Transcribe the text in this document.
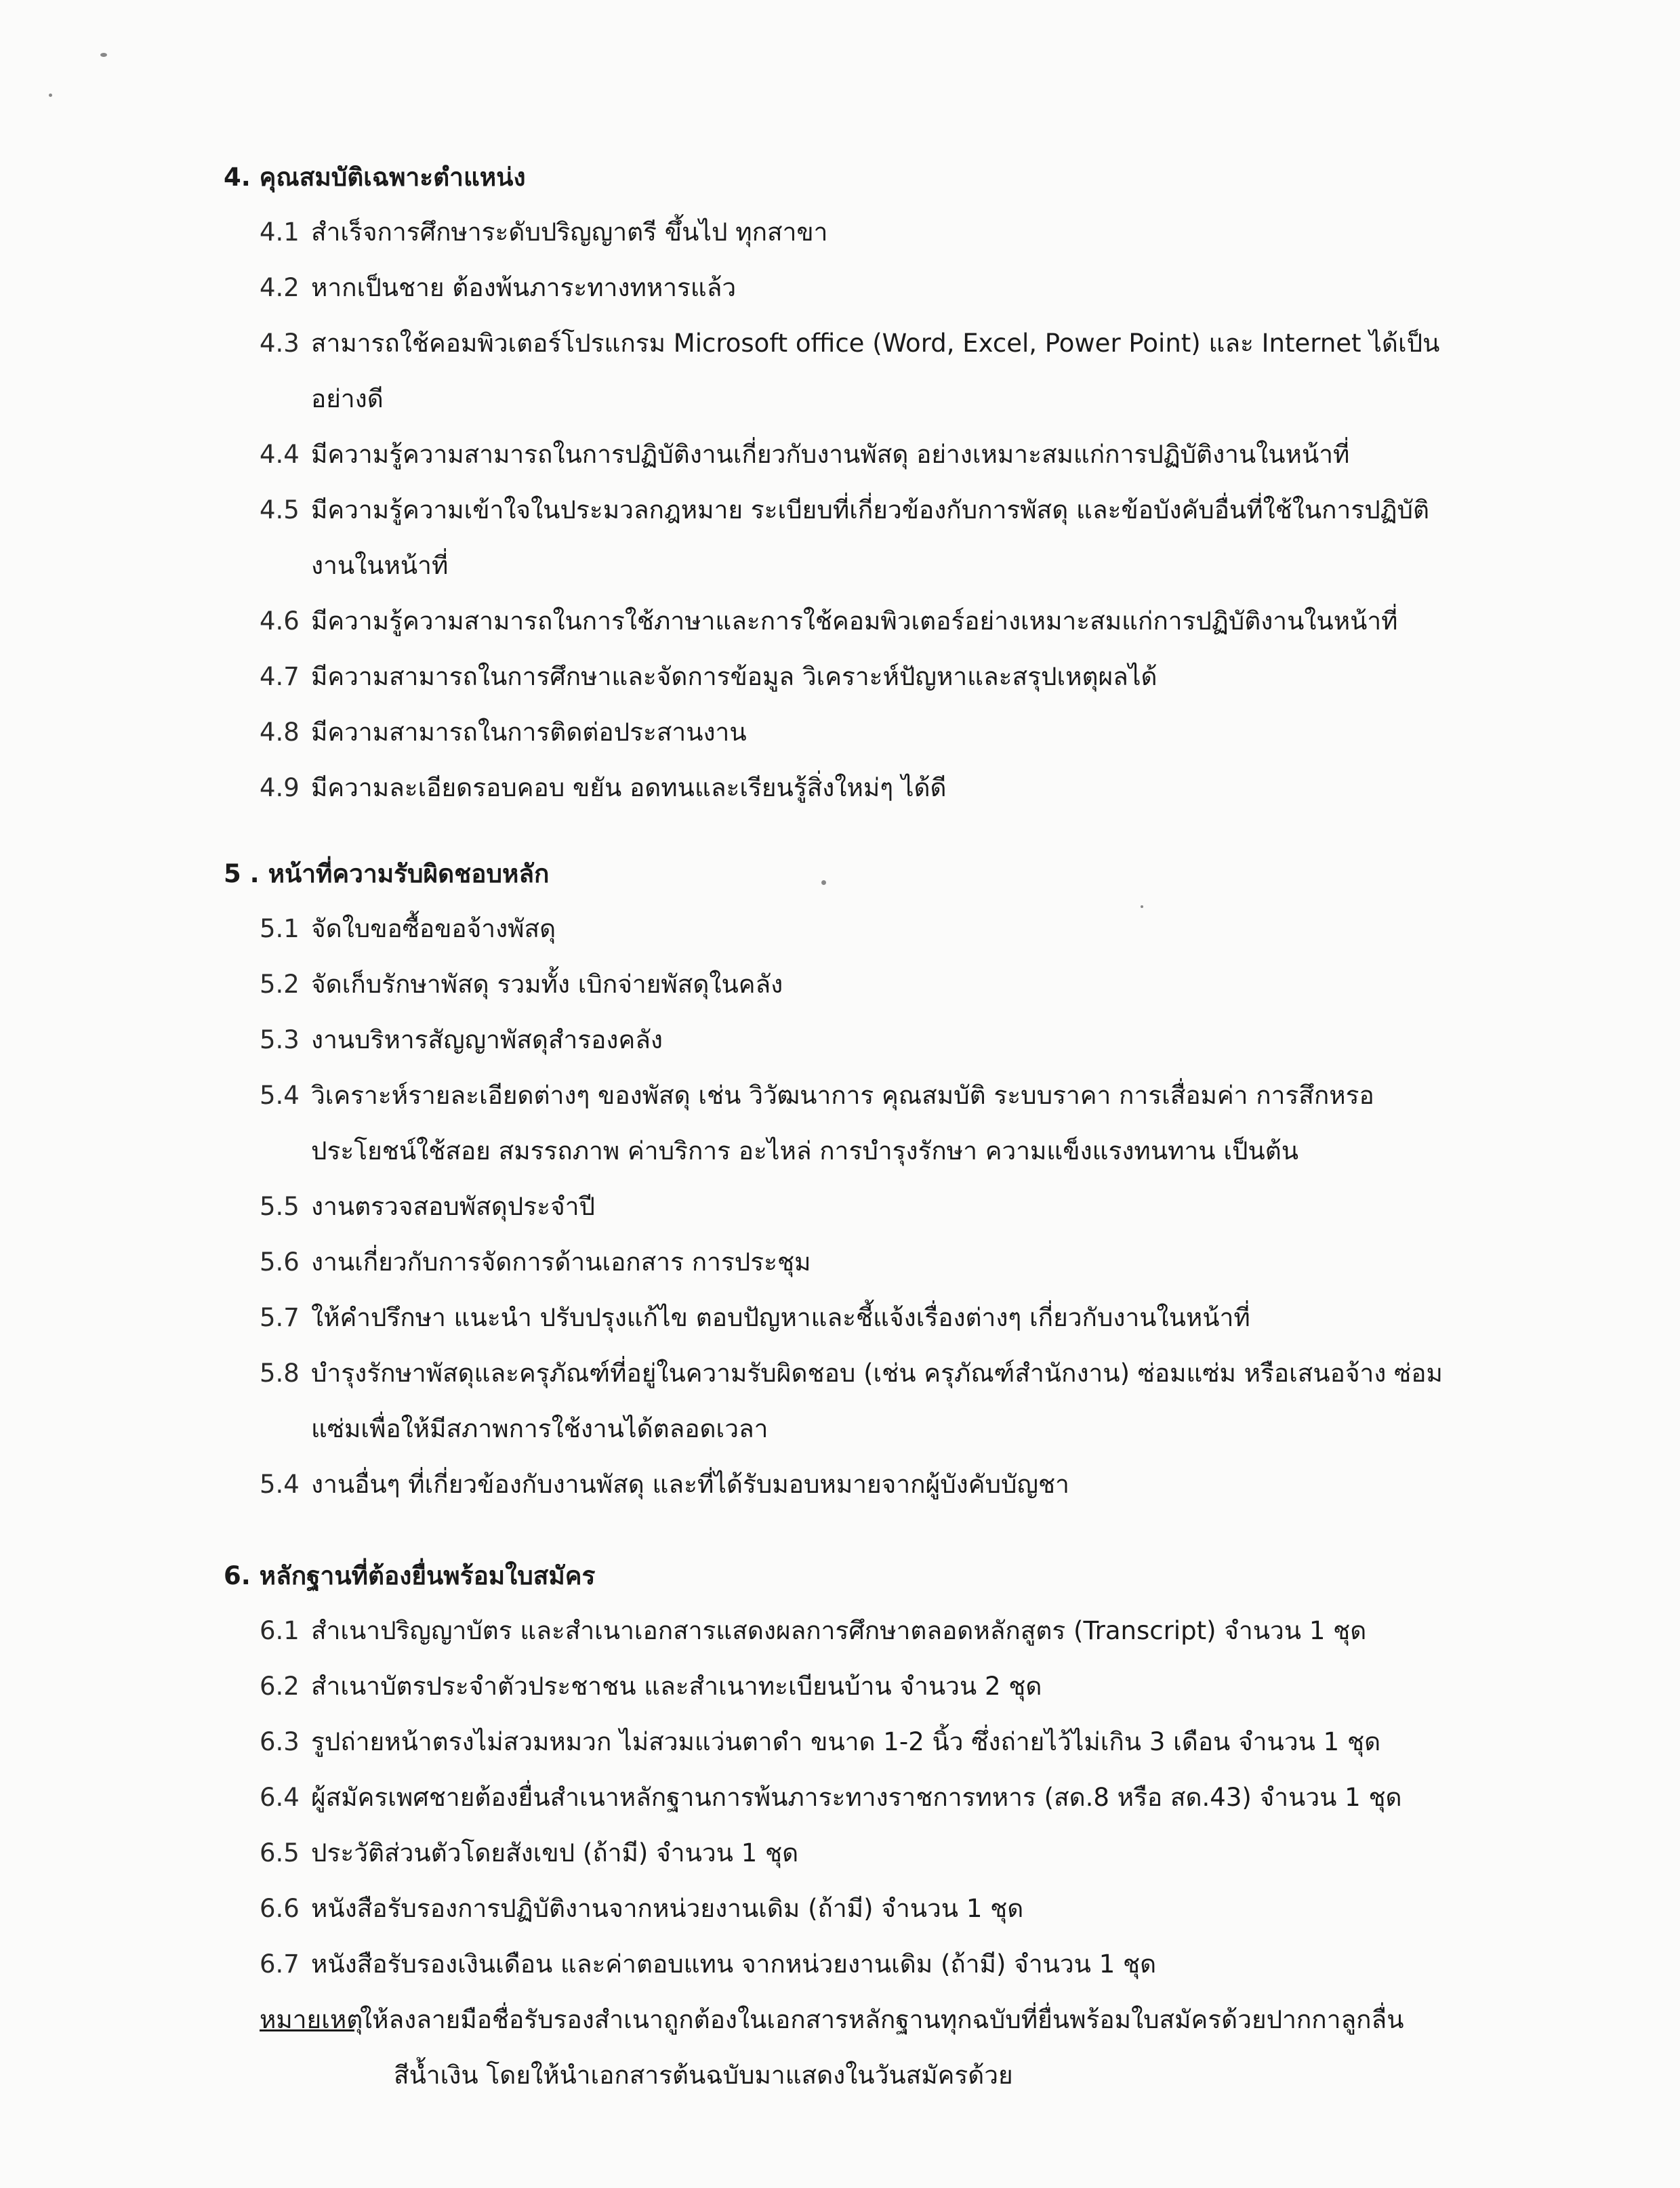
4. คุณสมบัติเฉพาะตำแหน่ง
4.1 สำเร็จการศึกษาระดับปริญญาตรี ขึ้นไป ทุกสาขา
4.2 หากเป็นชาย ต้องพ้นภาระทางทหารแล้ว
4.3 สามารถใช้คอมพิวเตอร์โปรแกรม Microsoft office (Word, Excel, Power Point) และ Internet ได้เป็นอย่างดี
4.4 มีความรู้ความสามารถในการปฏิบัติงานเกี่ยวกับงานพัสดุ อย่างเหมาะสมแก่การปฏิบัติงานในหน้าที่
4.5 มีความรู้ความเข้าใจในประมวลกฎหมาย ระเบียบที่เกี่ยวข้องกับการพัสดุ และข้อบังคับอื่นที่ใช้ในการปฏิบัติงานในหน้าที่
4.6 มีความรู้ความสามารถในการใช้ภาษาและการใช้คอมพิวเตอร์อย่างเหมาะสมแก่การปฏิบัติงานในหน้าที่
4.7 มีความสามารถในการศึกษาและจัดการข้อมูล วิเคราะห์ปัญหาและสรุปเหตุผลได้
4.8 มีความสามารถในการติดต่อประสานงาน
4.9 มีความละเอียดรอบคอบ ขยัน อดทนและเรียนรู้สิ่งใหม่ๆ ได้ดี
5 . หน้าที่ความรับผิดชอบหลัก
5.1 จัดใบขอซื้อขอจ้างพัสดุ
5.2 จัดเก็บรักษาพัสดุ รวมทั้ง เบิกจ่ายพัสดุในคลัง
5.3 งานบริหารสัญญาพัสดุสำรองคลัง
5.4 วิเคราะห์รายละเอียดต่างๆ ของพัสดุ เช่น วิวัฒนาการ คุณสมบัติ ระบบราคา การเสื่อมค่า การสึกหรอ ประโยชน์ใช้สอย สมรรถภาพ ค่าบริการ อะไหล่ การบำรุงรักษา ความแข็งแรงทนทาน เป็นต้น
5.5 งานตรวจสอบพัสดุประจำปี
5.6 งานเกี่ยวกับการจัดการด้านเอกสาร การประชุม
5.7 ให้คำปรึกษา แนะนำ ปรับปรุงแก้ไข ตอบปัญหาและชี้แจ้งเรื่องต่างๆ เกี่ยวกับงานในหน้าที่
5.8 บำรุงรักษาพัสดุและครุภัณฑ์ที่อยู่ในความรับผิดชอบ (เช่น ครุภัณฑ์สำนักงาน) ซ่อมแซ่ม หรือเสนอจ้าง ซ่อมแซ่มเพื่อให้มีสภาพการใช้งานได้ตลอดเวลา
5.4 งานอื่นๆ ที่เกี่ยวข้องกับงานพัสดุ และที่ได้รับมอบหมายจากผู้บังคับบัญชา
6. หลักฐานที่ต้องยื่นพร้อมใบสมัคร
6.1 สำเนาปริญญาบัตร และสำเนาเอกสารแสดงผลการศึกษาตลอดหลักสูตร (Transcript) จำนวน 1 ชุด
6.2 สำเนาบัตรประจำตัวประชาชน และสำเนาทะเบียนบ้าน จำนวน 2 ชุด
6.3 รูปถ่ายหน้าตรงไม่สวมหมวก ไม่สวมแว่นตาดำ ขนาด 1-2 นิ้ว ซึ่งถ่ายไว้ไม่เกิน 3 เดือน จำนวน 1 ชุด
6.4 ผู้สมัครเพศชายต้องยื่นสำเนาหลักฐานการพ้นภาระทางราชการทหาร (สด.8 หรือ สด.43) จำนวน 1 ชุด
6.5 ประวัติส่วนตัวโดยสังเขป (ถ้ามี) จำนวน 1 ชุด
6.6 หนังสือรับรองการปฏิบัติงานจากหน่วยงานเดิม (ถ้ามี) จำนวน 1 ชุด
6.7 หนังสือรับรองเงินเดือน และค่าตอบแทน จากหน่วยงานเดิม (ถ้ามี) จำนวน 1 ชุด
หมายเหตุ
ให้ลงลายมือชื่อรับรองสำเนาถูกต้องในเอกสารหลักฐานทุกฉบับที่ยื่นพร้อมใบสมัครด้วยปากกาลูกลื่น
สีน้ำเงิน โดยให้นำเอกสารต้นฉบับมาแสดงในวันสมัครด้วย
